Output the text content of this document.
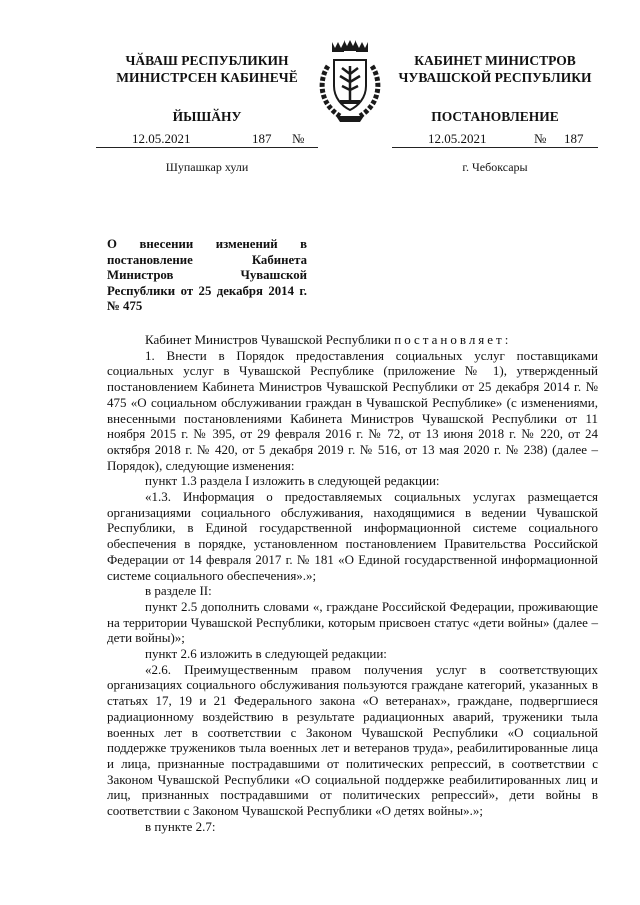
ЧӐВАШ РЕСПУБЛИКИН
МИНИСТРСЕН КАБИНЕЧӖ
ЙЫШӐНУ
КАБИНЕТ МИНИСТРОВ
ЧУВАШСКОЙ РЕСПУБЛИКИ
ПОСТАНОВЛЕНИЕ
12.05.2021	187 №	12.05.2021	№ 187
Шупашкар хули	г. Чебоксары
О внесении изменений в постановление Кабинета Министров Чувашской Республики от 25 декабря 2014 г. № 475

Кабинет Министров Чувашской Республики постановляет:

1. Внести в Порядок предоставления социальных услуг поставщиками социальных услуг в Чувашской Республике (приложение № 1), утвержденный постановлением Кабинета Министров Чувашской Республики от 25 декабря 2014 г. № 475 «О социальном обслуживании граждан в Чувашской Республике» (с изменениями, внесенными постановлениями Кабинета Министров Чувашской Республики от 11 ноября 2015 г. № 395, от 29 февраля 2016 г. № 72, от 13 июня 2018 г. № 220, от 24 октября 2018 г. № 420, от 5 декабря 2019 г. № 516, от 13 мая 2020 г. № 238) (далее – Порядок), следующие изменения:

пункт 1.3 раздела I изложить в следующей редакции:

«1.3. Информация о предоставляемых социальных услугах размещается организациями социального обслуживания, находящимися в ведении Чувашской Республики, в Единой государственной информационной системе социального обеспечения в порядке, установленном постановлением Правительства Российской Федерации от 14 февраля 2017 г. № 181 «О Единой государственной информационной системе социального обеспечения».»;

в разделе II:

пункт 2.5 дополнить словами «, граждане Российской Федерации, проживающие на территории Чувашской Республики, которым присвоен статус «дети войны» (далее – дети войны)»;

пункт 2.6 изложить в следующей редакции:

«2.6. Преимущественным правом получения услуг в соответствующих организациях социального обслуживания пользуются граждане категорий, указанных в статьях 17, 19 и 21 Федерального закона «О ветеранах», граждане, подвергшиеся радиационному воздействию в результате радиационных аварий, труженики тыла военных лет в соответствии с Законом Чувашской Республики «О социальной поддержке тружеников тыла военных лет и ветеранов труда», реабилитированные лица и лица, признанные пострадавшими от политических репрессий, в соответствии с Законом Чувашской Республики «О социальной поддержке реабилитированных лиц и лиц, признанных пострадавшими от политических репрессий», дети войны в соответствии с Законом Чувашской Республики «О детях войны».»;

в пункте 2.7:
